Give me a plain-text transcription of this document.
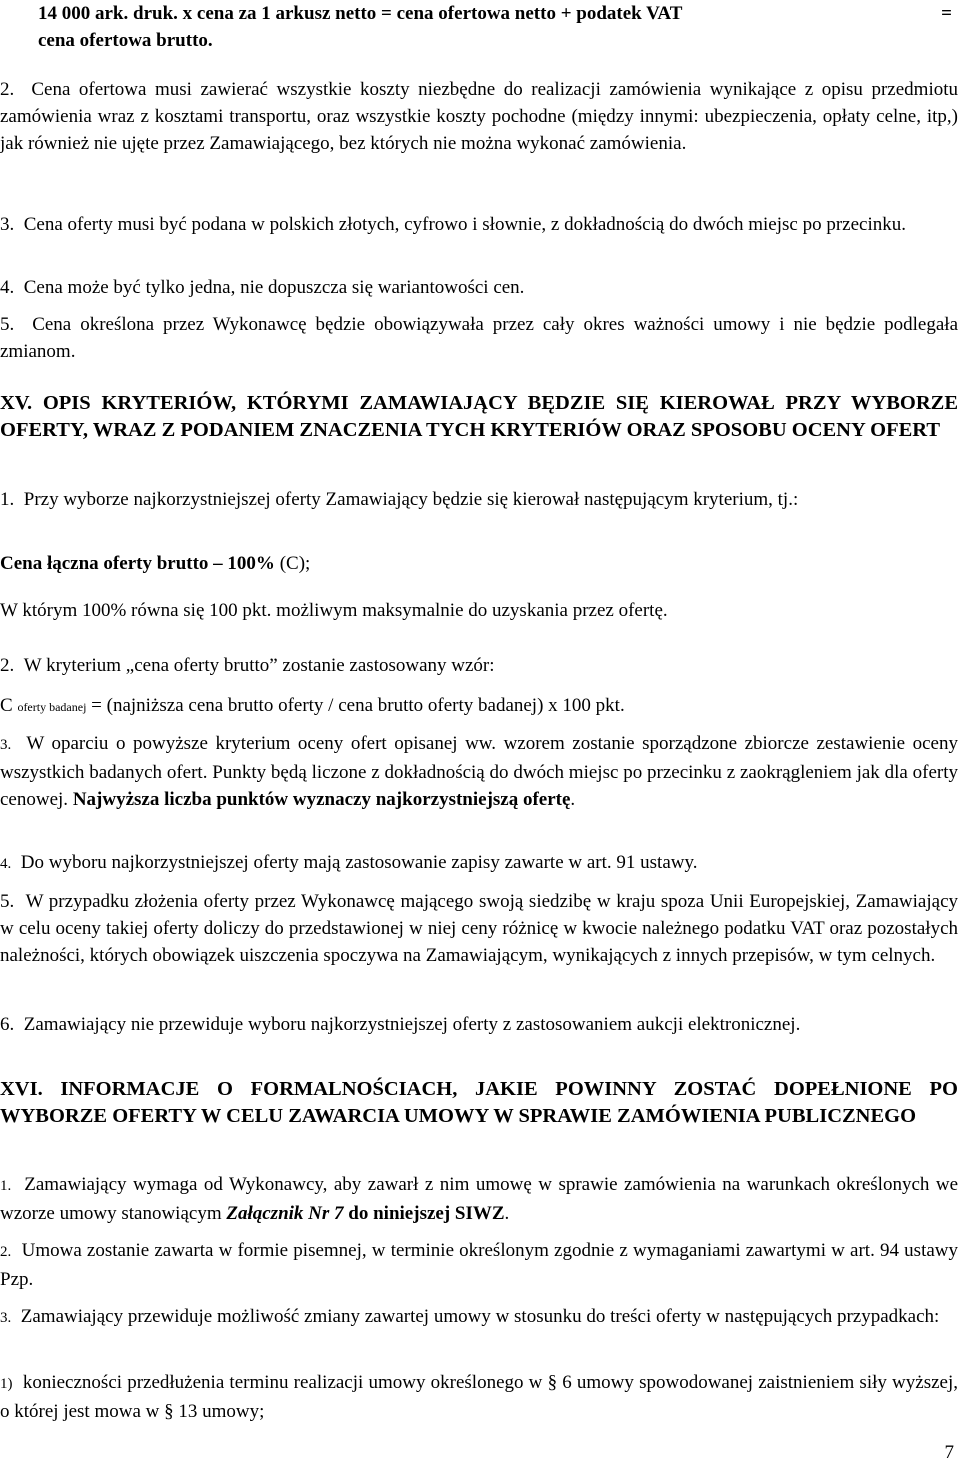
14 000 ark. druk. x cena za 1 arkusz netto = cena ofertowa netto + podatek VAT	=

cena ofertowa brutto.

2. Cena ofertowa musi zawierać wszystkie koszty niezbędne do realizacji zamówienia wynikające z opisu przedmiotu zamówienia wraz z kosztami transportu, oraz wszystkie koszty pochodne (między innymi: ubezpieczenia, opłaty celne, itp,) jak również nie ujęte przez Zamawiającego, bez których nie można wykonać zamówienia.

3. Cena oferty musi być podana w polskich złotych, cyfrowo i słownie, z dokładnością do dwóch miejsc po przecinku.

4. Cena może być tylko jedna, nie dopuszcza się wariantowości cen.

5. Cena określona przez Wykonawcę będzie obowiązywała przez cały okres ważności umowy i nie będzie podlegała zmianom.

XV. OPIS KRYTERIÓW, KTÓRYMI ZAMAWIAJĄCY BĘDZIE SIĘ KIEROWAŁ PRZY WYBORZE OFERTY, WRAZ Z PODANIEM ZNACZENIA TYCH KRYTERIÓW ORAZ SPOSOBU OCENY OFERT

1. Przy wyborze najkorzystniejszej oferty Zamawiający będzie się kierował następującym kryterium, tj.:

Cena łączna oferty brutto – 100% (C);

W którym 100% równa się 100 pkt. możliwym maksymalnie do uzyskania przez ofertę.

2. W kryterium „cena oferty brutto” zostanie zastosowany wzór:

C oferty badanej = (najniższa cena brutto oferty / cena brutto oferty badanej) x 100 pkt.

3. W oparciu o powyższe kryterium oceny ofert opisanej ww. wzorem zostanie sporządzone zbiorcze zestawienie oceny wszystkich badanych ofert. Punkty będą liczone z dokładnością do dwóch miejsc po przecinku z zaokrągleniem jak dla oferty cenowej. Najwyższa liczba punktów wyznaczy najkorzystniejszą ofertę.

4. Do wyboru najkorzystniejszej oferty mają zastosowanie zapisy zawarte w art. 91 ustawy.

5. W przypadku złożenia oferty przez Wykonawcę mającego swoją siedzibę w kraju spoza Unii Europejskiej, Zamawiający w celu oceny takiej oferty doliczy do przedstawionej w niej ceny różnicę w kwocie należnego podatku VAT oraz pozostałych należności, których obowiązek uiszczenia spoczywa na Zamawiającym, wynikających z innych przepisów, w tym celnych.

6. Zamawiający nie przewiduje wyboru najkorzystniejszej oferty z zastosowaniem aukcji elektronicznej.

XVI. INFORMACJE O FORMALNOŚCIACH, JAKIE POWINNY ZOSTAĆ DOPEŁNIONE PO WYBORZE OFERTY W CELU ZAWARCIA UMOWY W SPRAWIE ZAMÓWIENIA PUBLICZNEGO

1. Zamawiający wymaga od Wykonawcy, aby zawarł z nim umowę w sprawie zamówienia na warunkach określonych we wzorze umowy stanowiącym Załącznik Nr 7 do niniejszej SIWZ.

2. Umowa zostanie zawarta w formie pisemnej, w terminie określonym zgodnie z wymaganiami zawartymi w art. 94 ustawy Pzp.

3. Zamawiający przewiduje możliwość zmiany zawartej umowy w stosunku do treści oferty w następujących przypadkach:

1) konieczności przedłużenia terminu realizacji umowy określonego w § 6 umowy spowodowanej zaistnieniem siły wyższej, o której jest mowa w § 13 umowy;

7
